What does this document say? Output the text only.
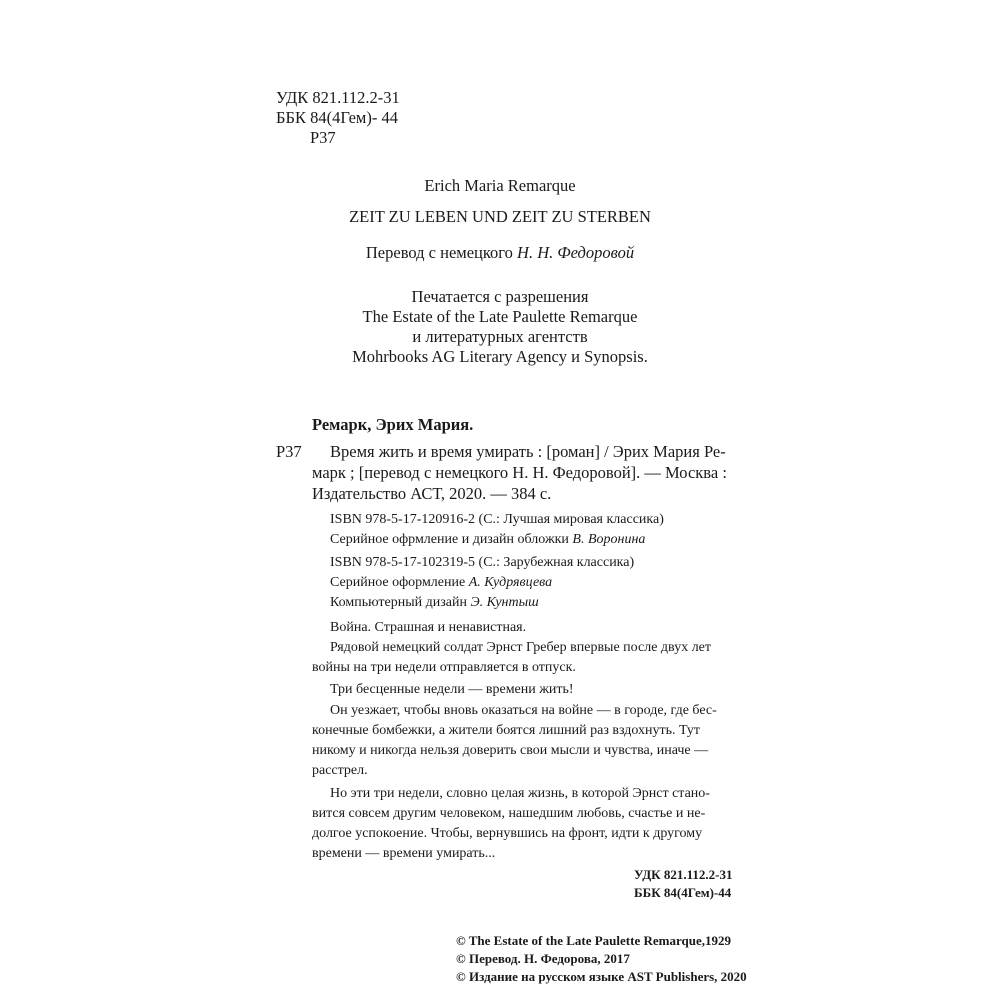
УДК 821.112.2-31
ББК 84(4Гем)- 44
Р37
Erich Maria Remarque
ZEIT ZU LEBEN UND ZEIT ZU STERBEN
Перевод с немецкого Н. Н. Федоровой
Печатается с разрешения
The Estate of the Late Paulette Remarque
и литературных агентств
Mohrbooks AG Literary Agency и Synopsis.
Ремарк, Эрих Мария.
Р37 Время жить и время умирать : [роман] / Эрих Мария Ре-
марк ; [перевод с немецкого Н. Н. Федоровой]. — Москва :
Издательство АСТ, 2020. — 384 с.
ISBN 978-5-17-120916-2 (С.: Лучшая мировая классика)
Серийное офрмление и дизайн обложки В. Воронина
ISBN 978-5-17-102319-5 (С.: Зарубежная классика)
Серийное оформление А. Кудрявцева
Компьютерный дизайн Э. Кунтыш
Война. Страшная и ненавистная.
Рядовой немецкий солдат Эрнст Гребер впервые после двух лет
войны на три недели отправляется в отпуск.
Три бесценные недели — времени жить!
Он уезжает, чтобы вновь оказаться на войне — в городе, где бес-
конечные бомбежки, а жители боятся лишний раз вздохнуть. Тут
никому и никогда нельзя доверить свои мысли и чувства, иначе —
расстрел.
Но эти три недели, словно целая жизнь, в которой Эрнст стано-
вится совсем другим человеком, нашедшим любовь, счастье и не-
долгое успокоение. Чтобы, вернувшись на фронт, идти к другому
времени — времени умирать...
УДК 821.112.2-31
ББК 84(4Гем)-44
© The Estate of the Late Paulette Remarque,1929
© Перевод. Н. Федорова, 2017
© Издание на русском языке AST Publishers, 2020
